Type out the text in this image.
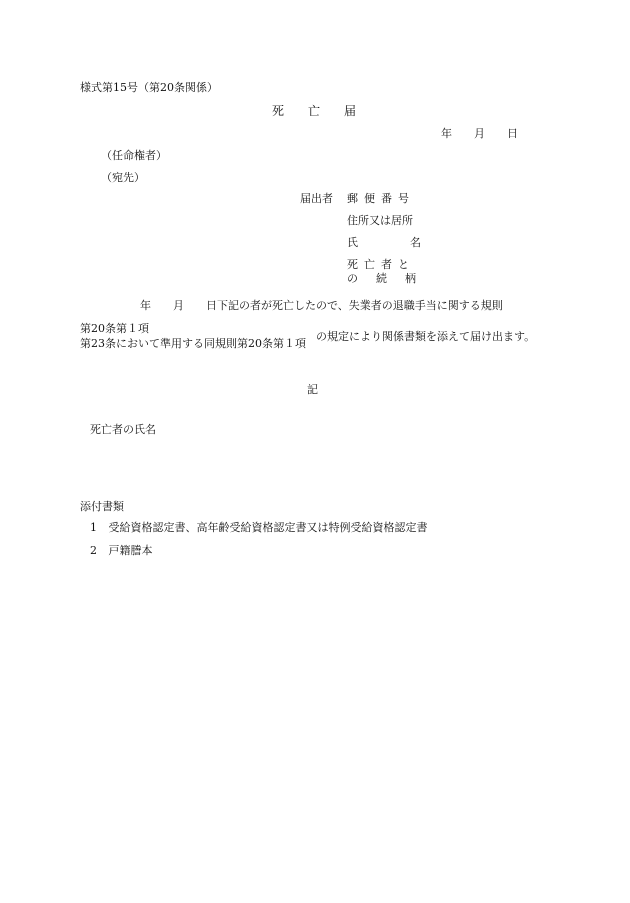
様式第15号（第20条関係）
死　　亡　　届
年　　月　　日
（任命権者）
（宛先）
届出者 郵便番号
住所又は居所
氏名
死亡者と
の続柄
年　　月　　日下記の者が死亡したので、失業者の退職手当に関する規則
第20条第１項
第23条において準用する同規則第20条第１項
の規定により関係書類を添えて届け出ます。
記
死亡者の氏名
添付書類
1 受給資格認定書、高年齢受給資格認定書又は特例受給資格認定書
2 戸籍謄本
